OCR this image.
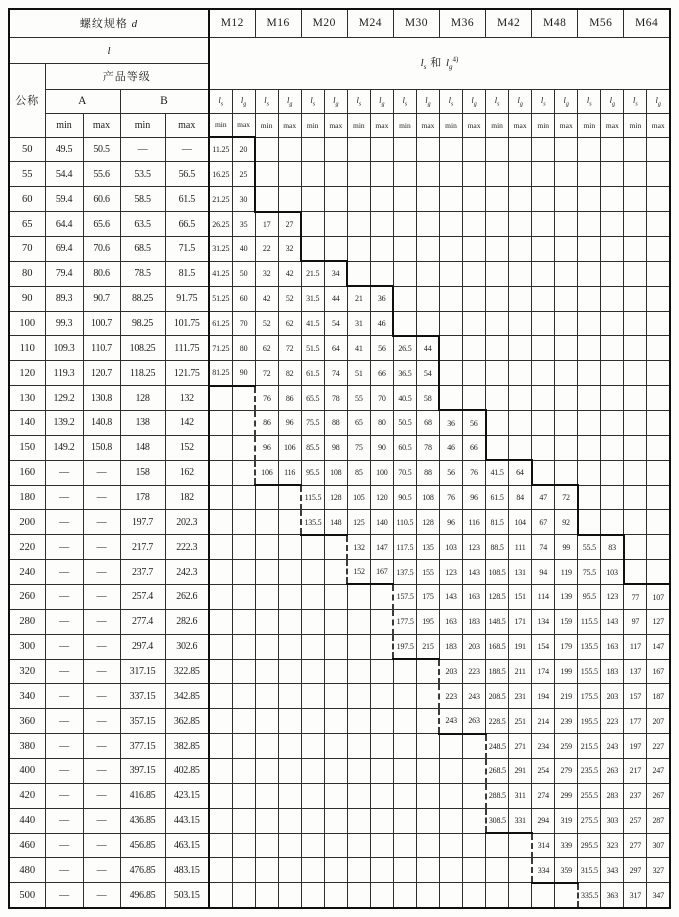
螺纹规格 d					M12		M16		M20		M24		M30		M36		M42		M48		M56		M64	
l					$l_s$ 和 $l_g^{4)}$
公称	产品等级																							
	A		B		$l_s$	$l_g$	$l_s$	$l_g$	$l_s$	$l_g$	$l_s$	$l_g$	$l_s$	$l_g$	$l_s$	$l_g$	$l_s$	$l_g$	$l_s$	$l_g$	$l_s$	$l_g$	$l_s$	$l_g$
	min	max	min	max	min	max	min	max	min	max	min	max	min	max	min	max	min	max	min	max	min	max	min	max
50	49.5	50.5	—	—	11.25	20																		
55	54.4	55.6	53.5	56.5	16.25	25																		
60	59.4	60.6	58.5	61.5	21.25	30																		
65	64.4	65.6	63.5	66.5	26.25	35	17	27																
70	69.4	70.6	68.5	71.5	31.25	40	22	32																
80	79.4	80.6	78.5	81.5	41.25	50	32	42	21.5	34														
90	89.3	90.7	88.25	91.75	51.25	60	42	52	31.5	44	21	36												
100	99.3	100.7	98.25	101.75	61.25	70	52	62	41.5	54	31	46												
110	109.3	110.7	108.25	111.75	71.25	80	62	72	51.5	64	41	56	26.5	44										
120	119.3	120.7	118.25	121.75	81.25	90	72	82	61.5	74	51	66	36.5	54										
130	129.2	130.8	128	132			76	86	65.5	78	55	70	40.5	58										
140	139.2	140.8	138	142			86	96	75.5	88	65	80	50.5	68	36	56								
150	149.2	150.8	148	152			96	106	85.5	98	75	90	60.5	78	46	66								
160	—	—	158	162			106	116	95.5	108	85	100	70.5	88	56	76	41.5	64						
180	—	—	178	182					115.5	128	105	120	90.5	108	76	96	61.5	84	47	72				
200	—	—	197.7	202.3					135.5	148	125	140	110.5	128	96	116	81.5	104	67	92				
220	—	—	217.7	222.3							132	147	117.5	135	103	123	88.5	111	74	99	55.5	83		
240	—	—	237.7	242.3							152	167	137.5	155	123	143	108.5	131	94	119	75.5	103		
260	—	—	257.4	262.6									157.5	175	143	163	128.5	151	114	139	95.5	123	77	107
280	—	—	277.4	282.6									177.5	195	163	183	148.5	171	134	159	115.5	143	97	127
300	—	—	297.4	302.6									197.5	215	183	203	168.5	191	154	179	135.5	163	117	147
320	—	—	317.15	322.85											203	223	188.5	211	174	199	155.5	183	137	167
340	—	—	337.15	342.85											223	243	208.5	231	194	219	175.5	203	157	187
360	—	—	357.15	362.85											243	263	228.5	251	214	239	195.5	223	177	207
380	—	—	377.15	382.85													248.5	271	234	259	215.5	243	197	227
400	—	—	397.15	402.85													268.5	291	254	279	235.5	263	217	247
420	—	—	416.85	423.15													288.5	311	274	299	255.5	283	237	267
440	—	—	436.85	443.15													308.5	331	294	319	275.5	303	257	287
460	—	—	456.85	463.15															314	339	295.5	323	277	307
480	—	—	476.85	483.15															334	359	315.5	343	297	327
500	—	—	496.85	503.15																	335.5	363	317	347
